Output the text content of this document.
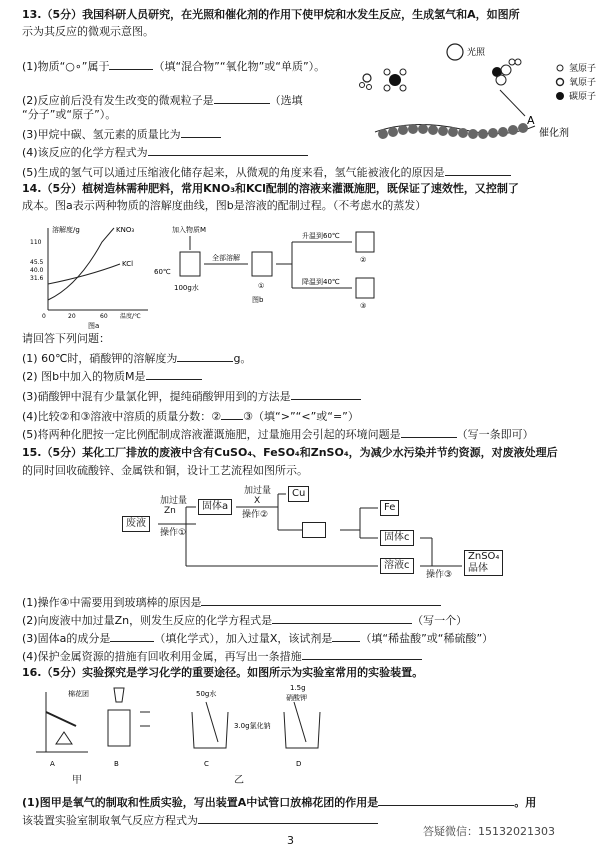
13.（5分）我国科研人员研究，在光照和催化剂的作用下使甲烷和水发生反应，生成氢气和A，如图所
示为其反应的微观示意图。
(1)物质“○∘”属于	（填“混合物”“氧化物”或“单质”）。
(2)反应前后没有发生改变的微观粒子是	（选填
“分子”或“原子”）。
(3)甲烷中碳、氢元素的质量比为
(4)该反应的化学方程式为
(5)生成的氢气可以通过压缩液化储存起来，从微观的角度来看，氢气能被液化的原因是
光照
A
氢原子
氧原子
碳原子
催化剂
14.（5分）植树造林需种肥料，常用KNO₃和KCl配制的溶液来灌溉施肥，既保证了速效性，又控制了
成本。图a表示两种物质的溶解度曲线，图b是溶液的配制过程。（不考虑水的蒸发）
溶解度/g
110
45.5
40.0
31.6
0	20	60 温度/℃
KNO₃
KCl
图a
加入物质M
60℃
100g水
全部溶解
①
升温到60℃
降温到40℃
②
③
图b
请回答下列问题：
(1) 60℃时，硝酸钾的溶解度为	g。
(2) 图b中加入的物质M是
(3)硝酸钾中混有少量氯化钾，提纯硝酸钾用到的方法是
(4)比较②和③溶液中溶质的质量分数：② ③（填“>”“<”或“=”）
(5)将两种化肥按一定比例配制成溶液灌溉施肥，过量施用会引起的环境问题是	（写一条即可）
15.（5分）某化工厂排放的废液中含有CuSO₄、FeSO₄和ZnSO₄，为减少水污染并节约资源，对废液处理后
的同时回收硫酸锌、金属铁和铜，设计工艺流程如图所示。
废液
加过量
Zn
操作①
固体a
加过量
X
操作②
Cu

Fe
固体c
溶液c
操作③
ZnSO₄
晶体
(1)操作④中需要用到玻璃棒的原因是
(2)向废液中加过量Zn，则发生反应的化学方程式是	（写一个）
(3)固体a的成分是	（填化学式），加入过量X，该试剂是	（填“稀盐酸”或“稀硫酸”）
(4)保护金属资源的措施有回收利用金属，再写出一条措施
16.（5分）实验探究是学习化学的重要途径。如图所示为实验室常用的实验装置。
棉花团
A	B
50g水
C
3.0g氯化钠
1.5g
硝酸钾
D
甲	乙
(1)图甲是氧气的制取和性质实验，写出装置A中试管口放棉花团的作用是	。用
该装置实验室制取氧气反应方程式为
3
答疑微信：15132021303
